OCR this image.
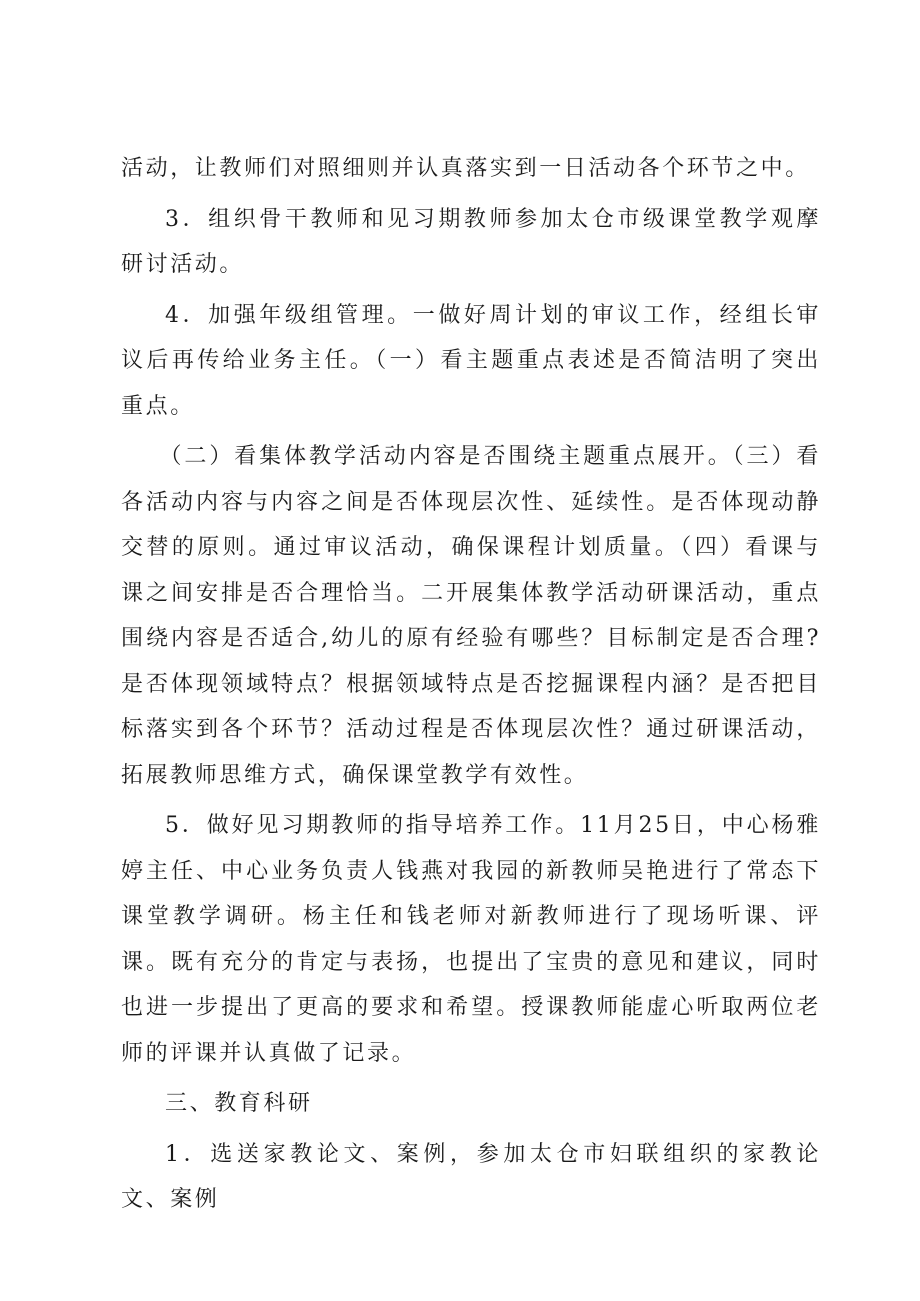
活动，让教师们对照细则并认真落实到一日活动各个环节之中。

3．组织骨干教师和见习期教师参加太仓市级课堂教学观摩研讨活动。

4．加强年级组管理。一做好周计划的审议工作，经组长审议后再传给业务主任。（一）看主题重点表述是否简洁明了突出重点。

（二）看集体教学活动内容是否围绕主题重点展开。（三）看各活动内容与内容之间是否体现层次性、延续性。是否体现动静交替的原则。通过审议活动，确保课程计划质量。（四）看课与课之间安排是否合理恰当。二开展集体教学活动研课活动，重点围绕内容是否适合,幼儿的原有经验有哪些？目标制定是否合理?是否体现领域特点？根据领域特点是否挖掘课程内涵？是否把目标落实到各个环节？活动过程是否体现层次性？通过研课活动，拓展教师思维方式，确保课堂教学有效性。

5．做好见习期教师的指导培养工作。11月25日，中心杨雅婷主任、中心业务负责人钱燕对我园的新教师吴艳进行了常态下课堂教学调研。杨主任和钱老师对新教师进行了现场听课、评课。既有充分的肯定与表扬，也提出了宝贵的意见和建议，同时也进一步提出了更高的要求和希望。授课教师能虚心听取两位老师的评课并认真做了记录。

三、教育科研

1．选送家教论文、案例，参加太仓市妇联组织的家教论文、案例
